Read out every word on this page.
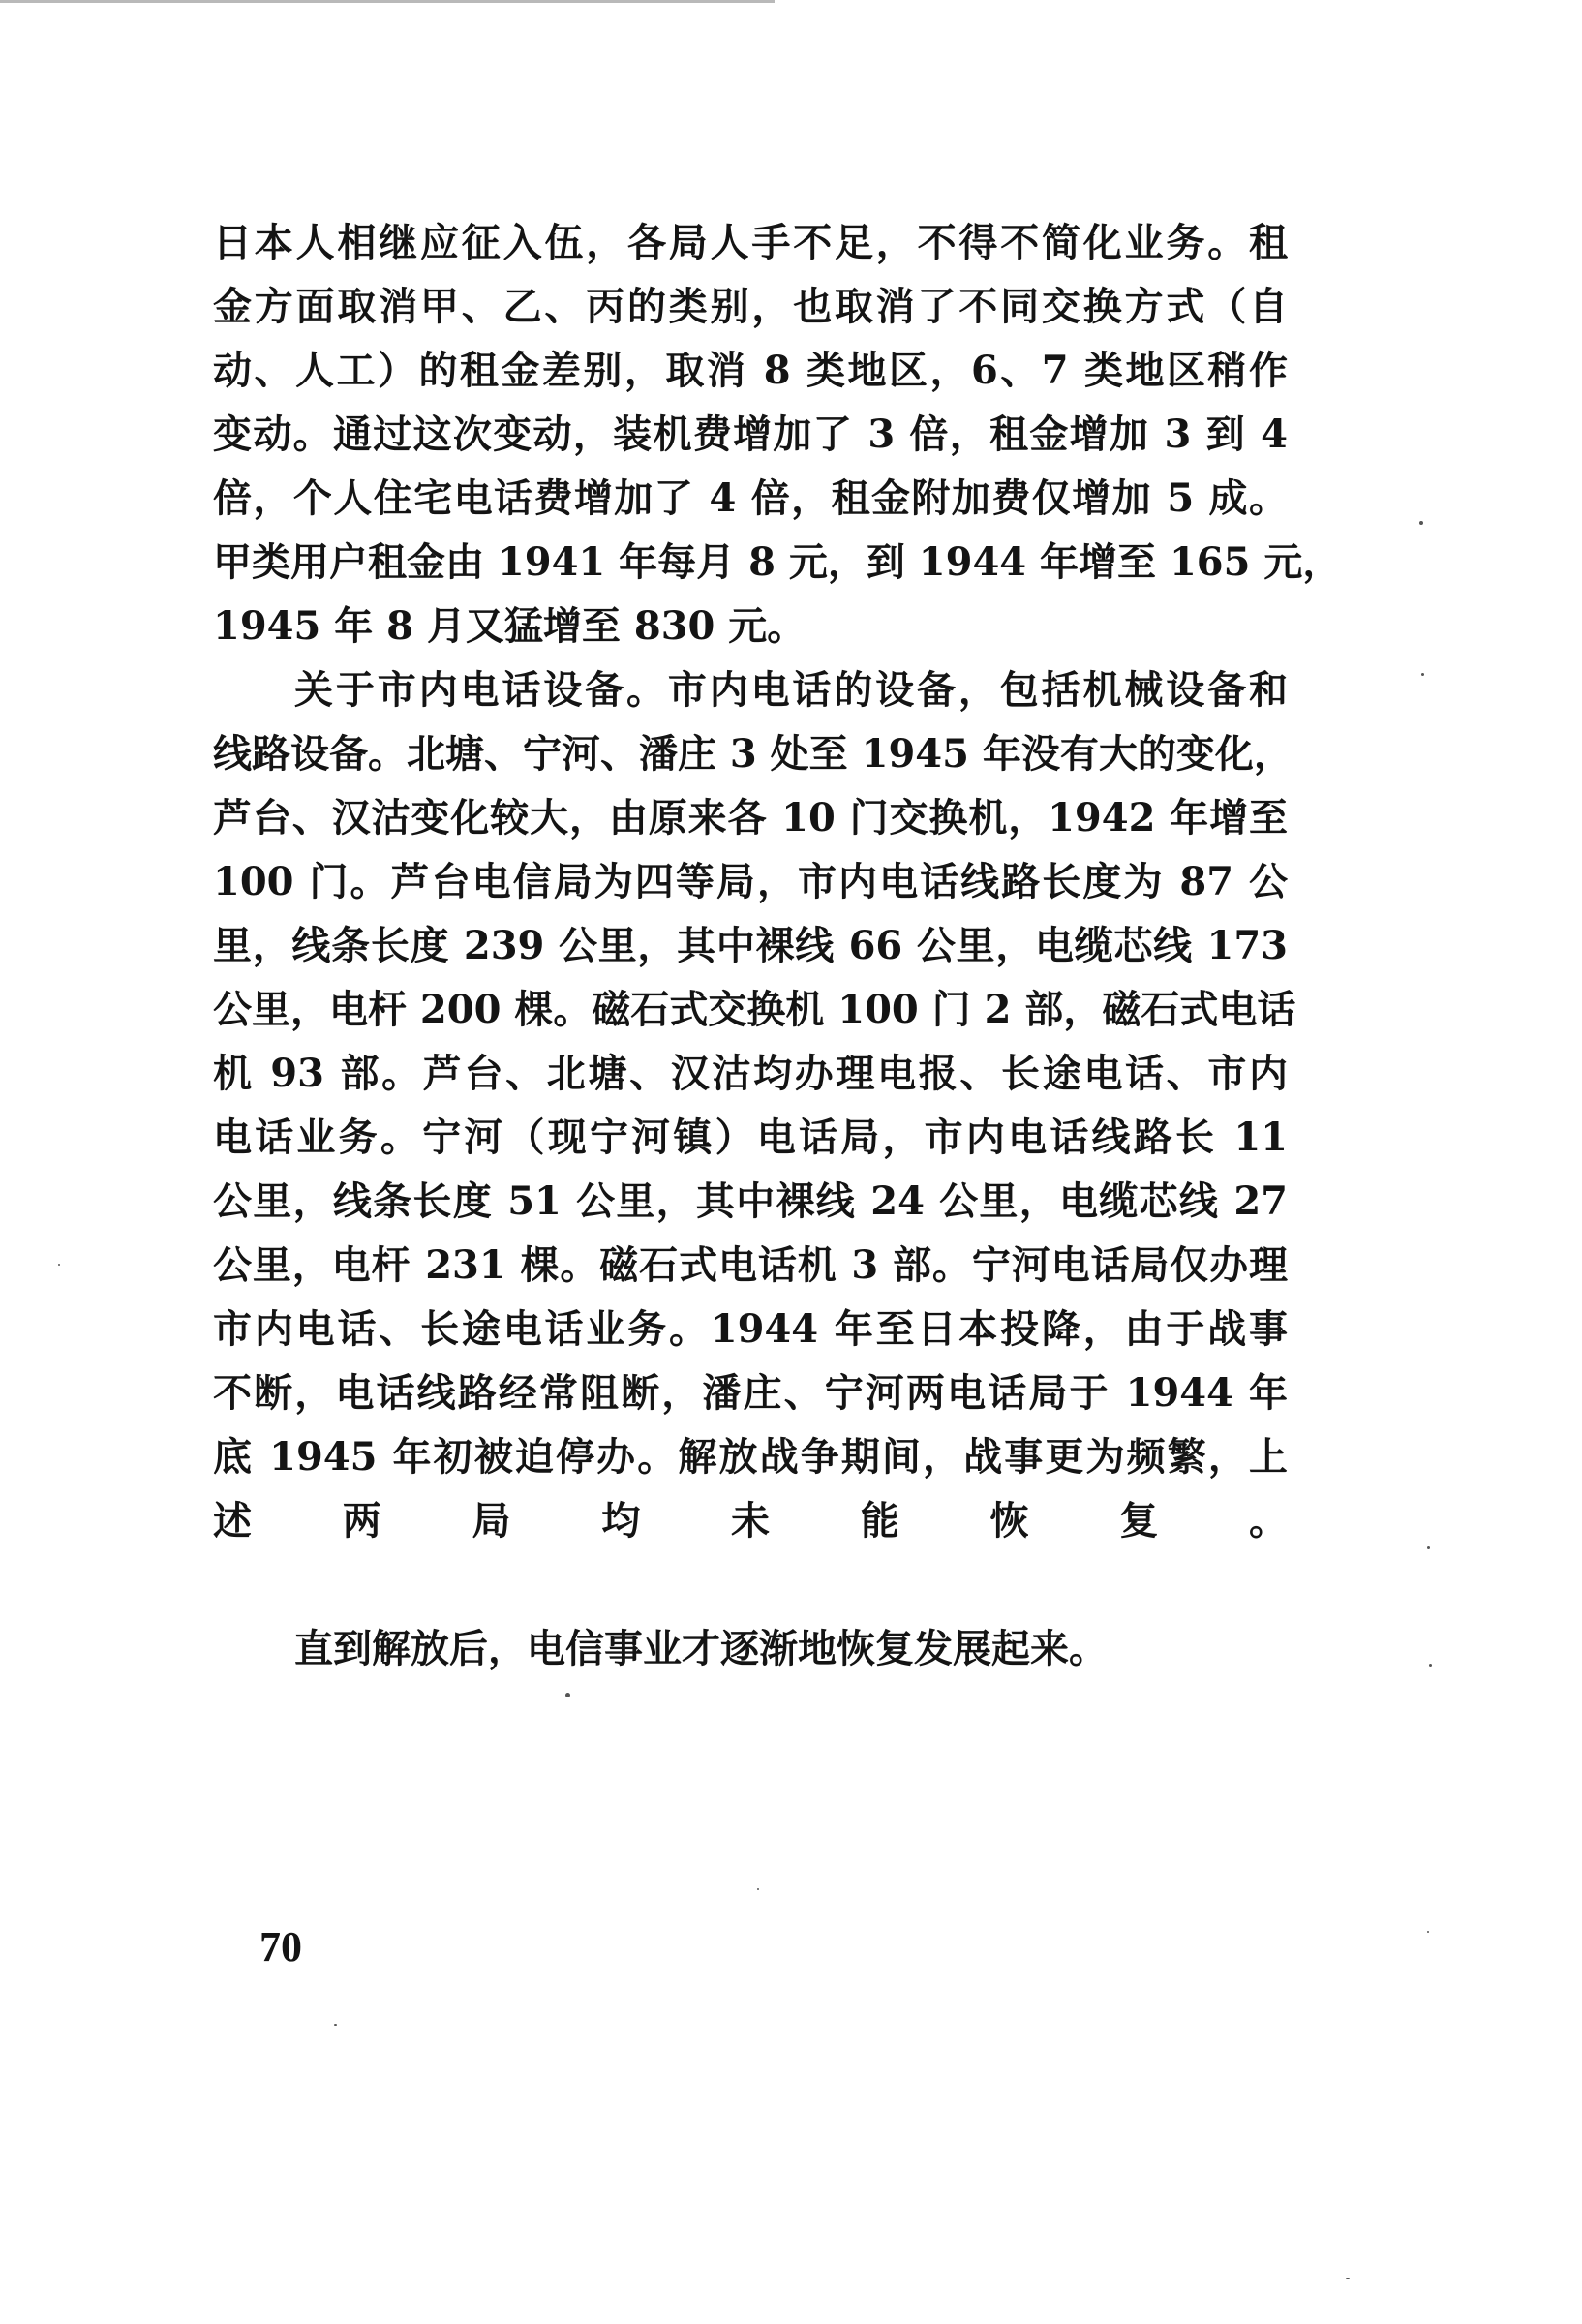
日本人相继应征入伍，各局人手不足，不得不简化业务。租
金方面取消甲、乙、丙的类别，也取消了不同交换方式（自
动、人工）的租金差别，取消 8 类地区，6、7 类地区稍作
变动。通过这次变动，装机费增加了 3 倍，租金增加 3 到 4
倍，个人住宅电话费增加了 4 倍，租金附加费仅增加 5 成。
甲类用户租金由 1941 年每月 8 元，到 1944 年增至 165 元，
1945 年 8 月又猛增至 830 元。
关于市内电话设备。市内电话的设备，包括机械设备和
线路设备。北塘、宁河、潘庄 3 处至 1945 年没有大的变化，
芦台、汉沽变化较大，由原来各 10 门交换机，1942 年增至
100 门。芦台电信局为四等局，市内电话线路长度为 87 公
里，线条长度 239 公里，其中裸线 66 公里，电缆芯线 173
公里，电杆 200 棵。磁石式交换机 100 门 2 部，磁石式电话
机 93 部。芦台、北塘、汉沽均办理电报、长途电话、市内
电话业务。宁河（现宁河镇）电话局，市内电话线路长 11
公里，线条长度 51 公里，其中裸线 24 公里，电缆芯线 27
公里，电杆 231 棵。磁石式电话机 3 部。宁河电话局仅办理
市内电话、长途电话业务。1944 年至日本投降，由于战事
不断，电话线路经常阻断，潘庄、宁河两电话局于 1944 年
底 1945 年初被迫停办。解放战争期间，战事更为频繁，上
述两局均未能恢复。
直到解放后，电信事业才逐渐地恢复发展起来。
70
